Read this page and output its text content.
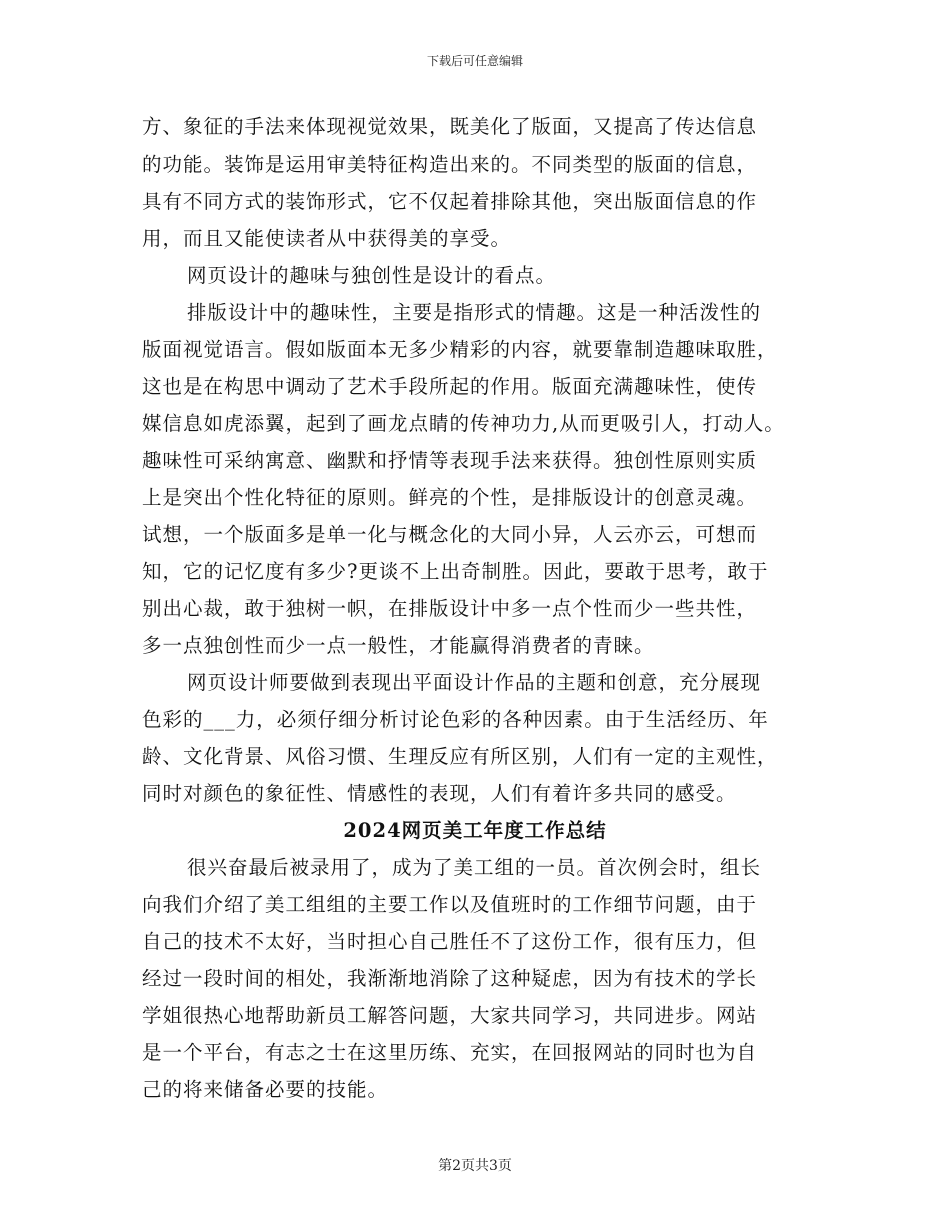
下载后可任意编辑
方、象征的手法来体现视觉效果，既美化了版面，又提高了传达信息
的功能。装饰是运用审美特征构造出来的。不同类型的版面的信息，
具有不同方式的装饰形式，它不仅起着排除其他，突出版面信息的作
用，而且又能使读者从中获得美的享受。
网页设计的趣味与独创性是设计的看点。
排版设计中的趣味性，主要是指形式的情趣。这是一种活泼性的
版面视觉语言。假如版面本无多少精彩的内容，就要靠制造趣味取胜，
这也是在构思中调动了艺术手段所起的作用。版面充满趣味性，使传
媒信息如虎添翼，起到了画龙点睛的传神功力,从而更吸引人，打动人。
趣味性可采纳寓意、幽默和抒情等表现手法来获得。独创性原则实质
上是突出个性化特征的原则。鲜亮的个性，是排版设计的创意灵魂。
试想，一个版面多是单一化与概念化的大同小异，人云亦云，可想而
知，它的记忆度有多少?更谈不上出奇制胜。因此，要敢于思考，敢于
别出心裁，敢于独树一帜，在排版设计中多一点个性而少一些共性，
多一点独创性而少一点一般性，才能赢得消费者的青睐。
网页设计师要做到表现出平面设计作品的主题和创意，充分展现
色彩的___力，必须仔细分析讨论色彩的各种因素。由于生活经历、年
龄、文化背景、风俗习惯、生理反应有所区别，人们有一定的主观性，
同时对颜色的象征性、情感性的表现，人们有着许多共同的感受。
2024网页美工年度工作总结
很兴奋最后被录用了，成为了美工组的一员。首次例会时，组长
向我们介绍了美工组组的主要工作以及值班时的工作细节问题，由于
自己的技术不太好，当时担心自己胜任不了这份工作，很有压力，但
经过一段时间的相处，我渐渐地消除了这种疑虑，因为有技术的学长
学姐很热心地帮助新员工解答问题，大家共同学习，共同进步。网站
是一个平台，有志之士在这里历练、充实，在回报网站的同时也为自
己的将来储备必要的技能。
第2页共3页
